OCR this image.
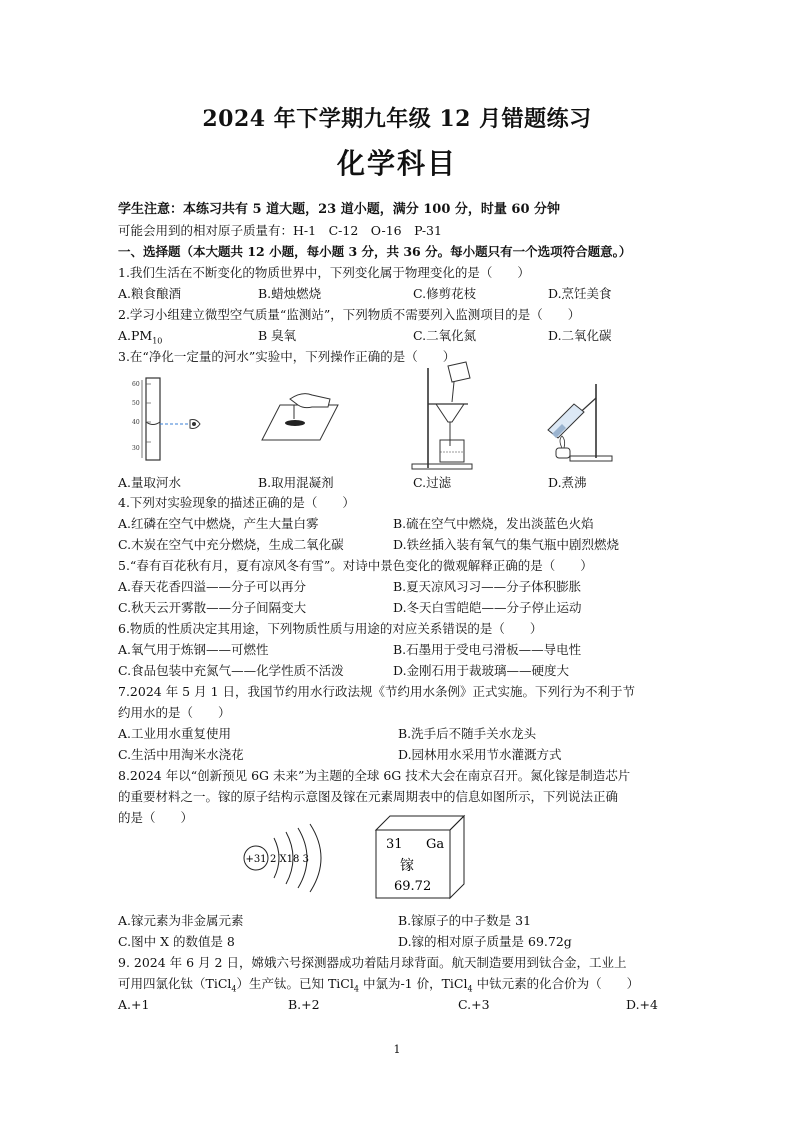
2024 年下学期九年级 12 月错题练习
化学科目
学生注意：本练习共有 5 道大题，23 道小题，满分 100 分，时量 60 分钟
可能会用到的相对原子质量有：H-1　C-12　O-16　P-31
一、选择题（本大题共 12 小题，每小题 3 分，共 36 分。每小题只有一个选项符合题意。）
1.我们生活在不断变化的物质世界中，下列变化属于物理变化的是（　　）
A.粮食酿酒	B.蜡烛燃烧	C.修剪花枝	D.烹饪美食
2.学习小组建立微型空气质量“监测站”，下列物质不需要列入监测项目的是（　　）
$A.PM_{10}$	B 臭氧	C.二氧化氮	D.二氧化碳
3.在“净化一定量的河水”实验中，下列操作正确的是（　　）
60
50
40
30
A.量取河水	B.取用混凝剂	C.过滤	D.煮沸
4.下列对实验现象的描述正确的是（　　）
A.红磷在空气中燃烧，产生大量白雾	B.硫在空气中燃烧，发出淡蓝色火焰
C.木炭在空气中充分燃烧，生成二氧化碳	D.铁丝插入装有氧气的集气瓶中剧烈燃烧
5.“春有百花秋有月，夏有凉风冬有雪”。对诗中景色变化的微观解释正确的是（　　）
A.春天花香四溢——分子可以再分	B.夏天凉风习习——分子体积膨胀
C.秋天云开雾散——分子间隔变大	D.冬天白雪皑皑——分子停止运动
6.物质的性质决定其用途，下列物质性质与用途的对应关系错误的是（　　）
A.氧气用于炼钢——可燃性	B.石墨用于受电弓滑板——导电性
C.食品包装中充氮气——化学性质不活泼	D.金刚石用于裁玻璃——硬度大
7.2024 年 5 月 1 日，我国节约用水行政法规《节约用水条例》正式实施。下列行为不利于节
约用水的是（　　）
A.工业用水重复使用	B.洗手后不随手关水龙头
C.生活中用淘米水浇花	D.园林用水采用节水灌溉方式
8.2024 年以“创新预见 6G 未来”为主题的全球 6G 技术大会在南京召开。氮化镓是制造芯片
的重要材料之一。镓的原子结构示意图及镓在元素周期表中的信息如图所示，下列说法正确
的是（　　）
+31 2 X18 3
31 Ga
镓
69.72
A.镓元素为非金属元素	B.镓原子的中子数是 31
C.图中 X 的数值是 8	D.镓的相对原子质量是 69.72g
9. 2024 年 6 月 2 日，嫦娥六号探测器成功着陆月球背面。航天制造要用到钛合金，工业上
可用四氯化钛（TiCl$_4$）生产钛。已知 TiCl$_4$ 中氯为-1 价，TiCl$_4$ 中钛元素的化合价为（　　）
A.+1	B.+2	C.+3	D.+4
1
